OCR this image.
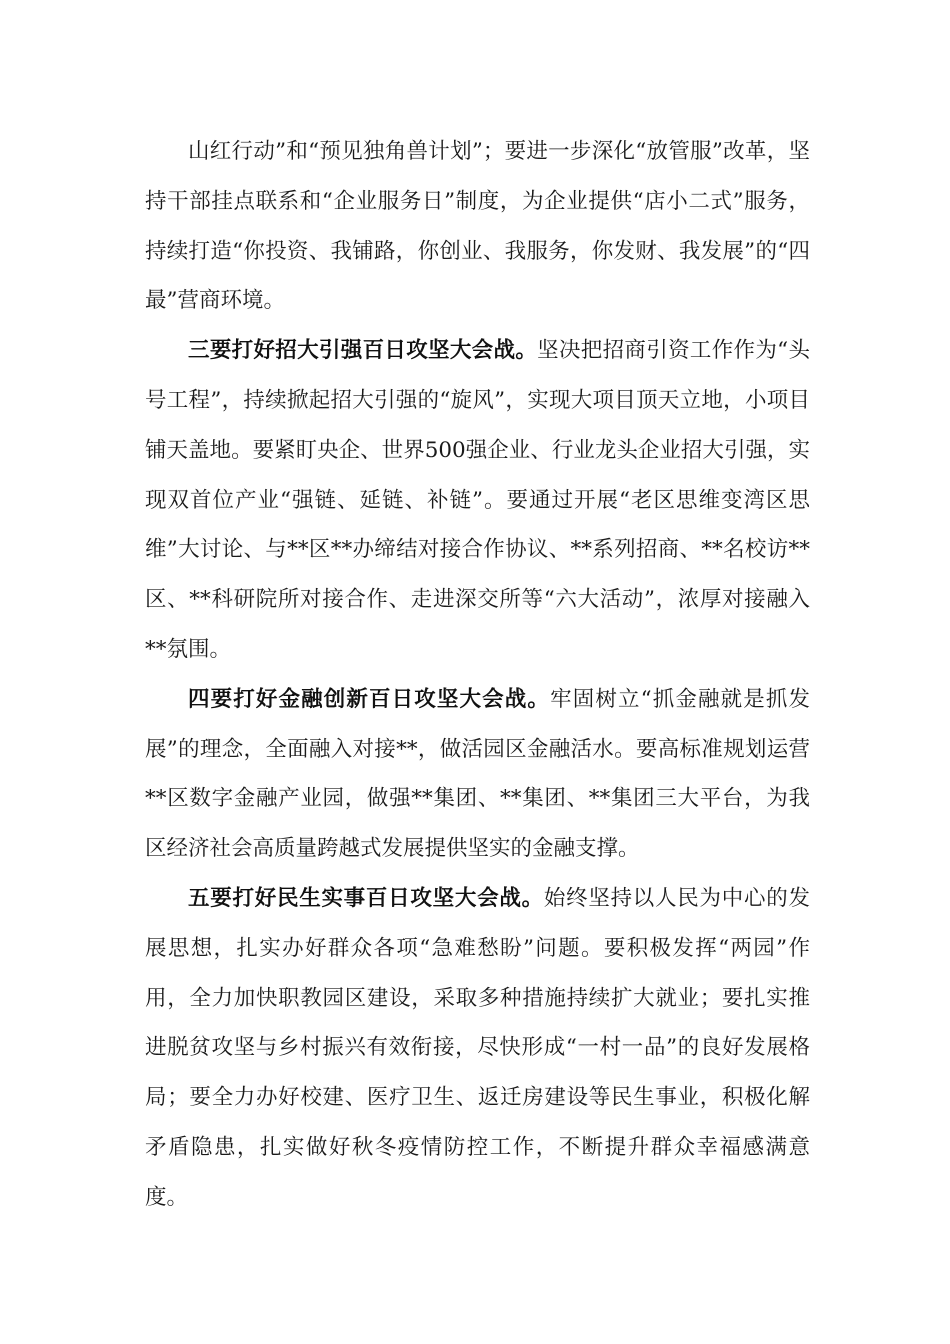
山红行动”和“预见独角兽计划”；要进一步深化“放管服”改革，坚持干部挂点联系和“企业服务日”制度，为企业提供“店小二式”服务，持续打造“你投资、我铺路，你创业、我服务，你发财、我发展”的“四最”营商环境。

三要打好招大引强百日攻坚大会战。坚决把招商引资工作作为“头号工程”，持续掀起招大引强的“旋风”，实现大项目顶天立地，小项目铺天盖地。要紧盯央企、世界500强企业、行业龙头企业招大引强，实现双首位产业“强链、延链、补链”。要通过开展“老区思维变湾区思维”大讨论、与**区**办缔结对接合作协议、**系列招商、**名校访**区、**科研院所对接合作、走进深交所等“六大活动”，浓厚对接融入**氛围。

四要打好金融创新百日攻坚大会战。牢固树立“抓金融就是抓发展”的理念，全面融入对接**，做活园区金融活水。要高标准规划运营**区数字金融产业园，做强**集团、**集团、**集团三大平台，为我区经济社会高质量跨越式发展提供坚实的金融支撑。

五要打好民生实事百日攻坚大会战。始终坚持以人民为中心的发展思想，扎实办好群众各项“急难愁盼”问题。要积极发挥“两园”作用，全力加快职教园区建设，采取多种措施持续扩大就业；要扎实推进脱贫攻坚与乡村振兴有效衔接，尽快形成“一村一品”的良好发展格局；要全力办好校建、医疗卫生、返迁房建设等民生事业，积极化解矛盾隐患，扎实做好秋冬疫情防控工作，不断提升群众幸福感满意度。
